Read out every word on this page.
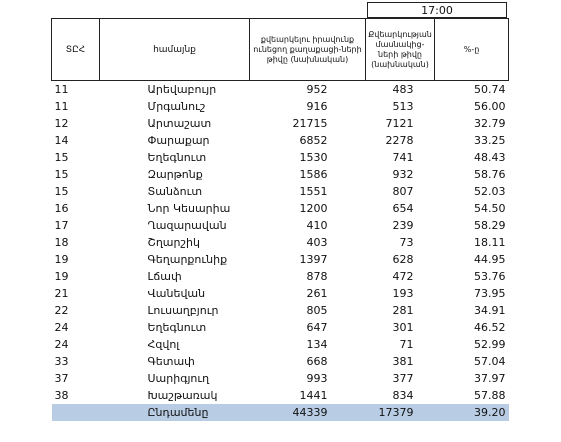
17:00
ՏԸՀ	համայնք	քվեարկելու իրավունք ունեցող քաղաքացի-ների թիվը (նախնական)	Քվեարկության մասնակից-ների թիվը (նախնական)	%-ը
11	Արեվաբույր	952	483	50.74
11	Մրգանուշ	916	513	56.00
12	Արտաշատ	21715	7121	32.79
14	Փարաքար	6852	2278	33.25
15	Եղեգնուտ	1530	741	48.43
15	Զարթոնք	1586	932	58.76
15	Տանձուտ	1551	807	52.03
16	Նոր Կեսարիա	1200	654	54.50
17	Ղազարավան	410	239	58.29
18	Շղարշիկ	403	73	18.11
19	Գեղարքունիք	1397	628	44.95
19	Լճափ	878	472	53.76
21	Վանեվան	261	193	73.95
22	Լուսաղբյուր	805	281	34.91
24	Եղեգնուտ	647	301	46.52
24	Հզվոլ	134	71	52.99
33	Գետափ	668	381	57.04
37	Սարիգյուղ	993	377	37.97
38	Խաշթառակ	1441	834	57.88
	Ընդամենը	44339	17379	39.20
